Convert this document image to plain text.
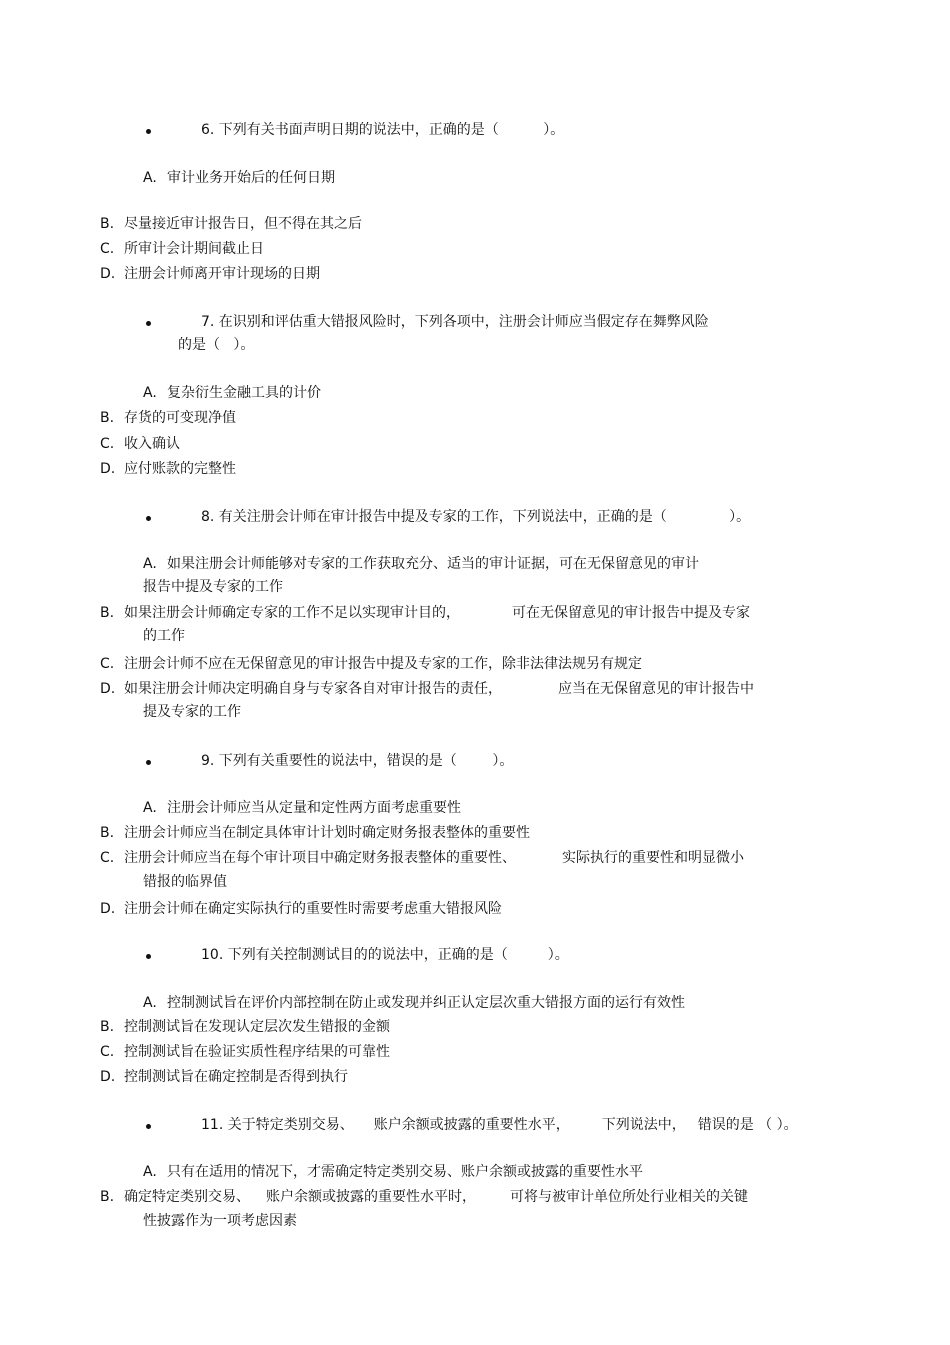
6. 下列有关书面声明日期的说法中，正确的是（          ）。
A. 审计业务开始后的任何日期
B. 尽量接近审计报告日，但不得在其之后
C. 所审计会计期间截止日
D. 注册会计师离开审计现场的日期
7. 在识别和评估重大错报风险时，下列各项中，注册会计师应当假定存在舞弊风险
的是（   ）。
A. 复杂衍生金融工具的计价
B. 存货的可变现净值
C. 收入确认
D. 应付账款的完整性
8. 有关注册会计师在审计报告中提及专家的工作，下列说法中，正确的是（              ）。
A. 如果注册会计师能够对专家的工作获取充分、适当的审计证据，可在无保留意见的审计
报告中提及专家的工作
B. 如果注册会计师确定专家的工作不足以实现审计目的，	可在无保留意见的审计报告中提及专家
的工作
C. 注册会计师不应在无保留意见的审计报告中提及专家的工作，除非法律法规另有规定
D. 如果注册会计师决定明确自身与专家各自对审计报告的责任，	应当在无保留意见的审计报告中
提及专家的工作
9. 下列有关重要性的说法中，错误的是（        ）。
A. 注册会计师应当从定量和定性两方面考虑重要性
B. 注册会计师应当在制定具体审计计划时确定财务报表整体的重要性
C. 注册会计师应当在每个审计项目中确定财务报表整体的重要性、	实际执行的重要性和明显微小
错报的临界值
D. 注册会计师在确定实际执行的重要性时需要考虑重大错报风险
10. 下列有关控制测试目的的说法中，正确的是（         ）。
A. 控制测试旨在评价内部控制在防止或发现并纠正认定层次重大错报方面的运行有效性
B. 控制测试旨在发现认定层次发生错报的金额
C. 控制测试旨在验证实质性程序结果的可靠性
D. 控制测试旨在确定控制是否得到执行
11. 关于特定类别交易、 账户余额或披露的重要性水平， 下列说法中， 错误的是 （ ）。
A. 只有在适用的情况下，才需确定特定类别交易、账户余额或披露的重要性水平
B. 确定特定类别交易、 账户余额或披露的重要性水平时， 可将与被审计单位所处行业相关的关键
性披露作为一项考虑因素
